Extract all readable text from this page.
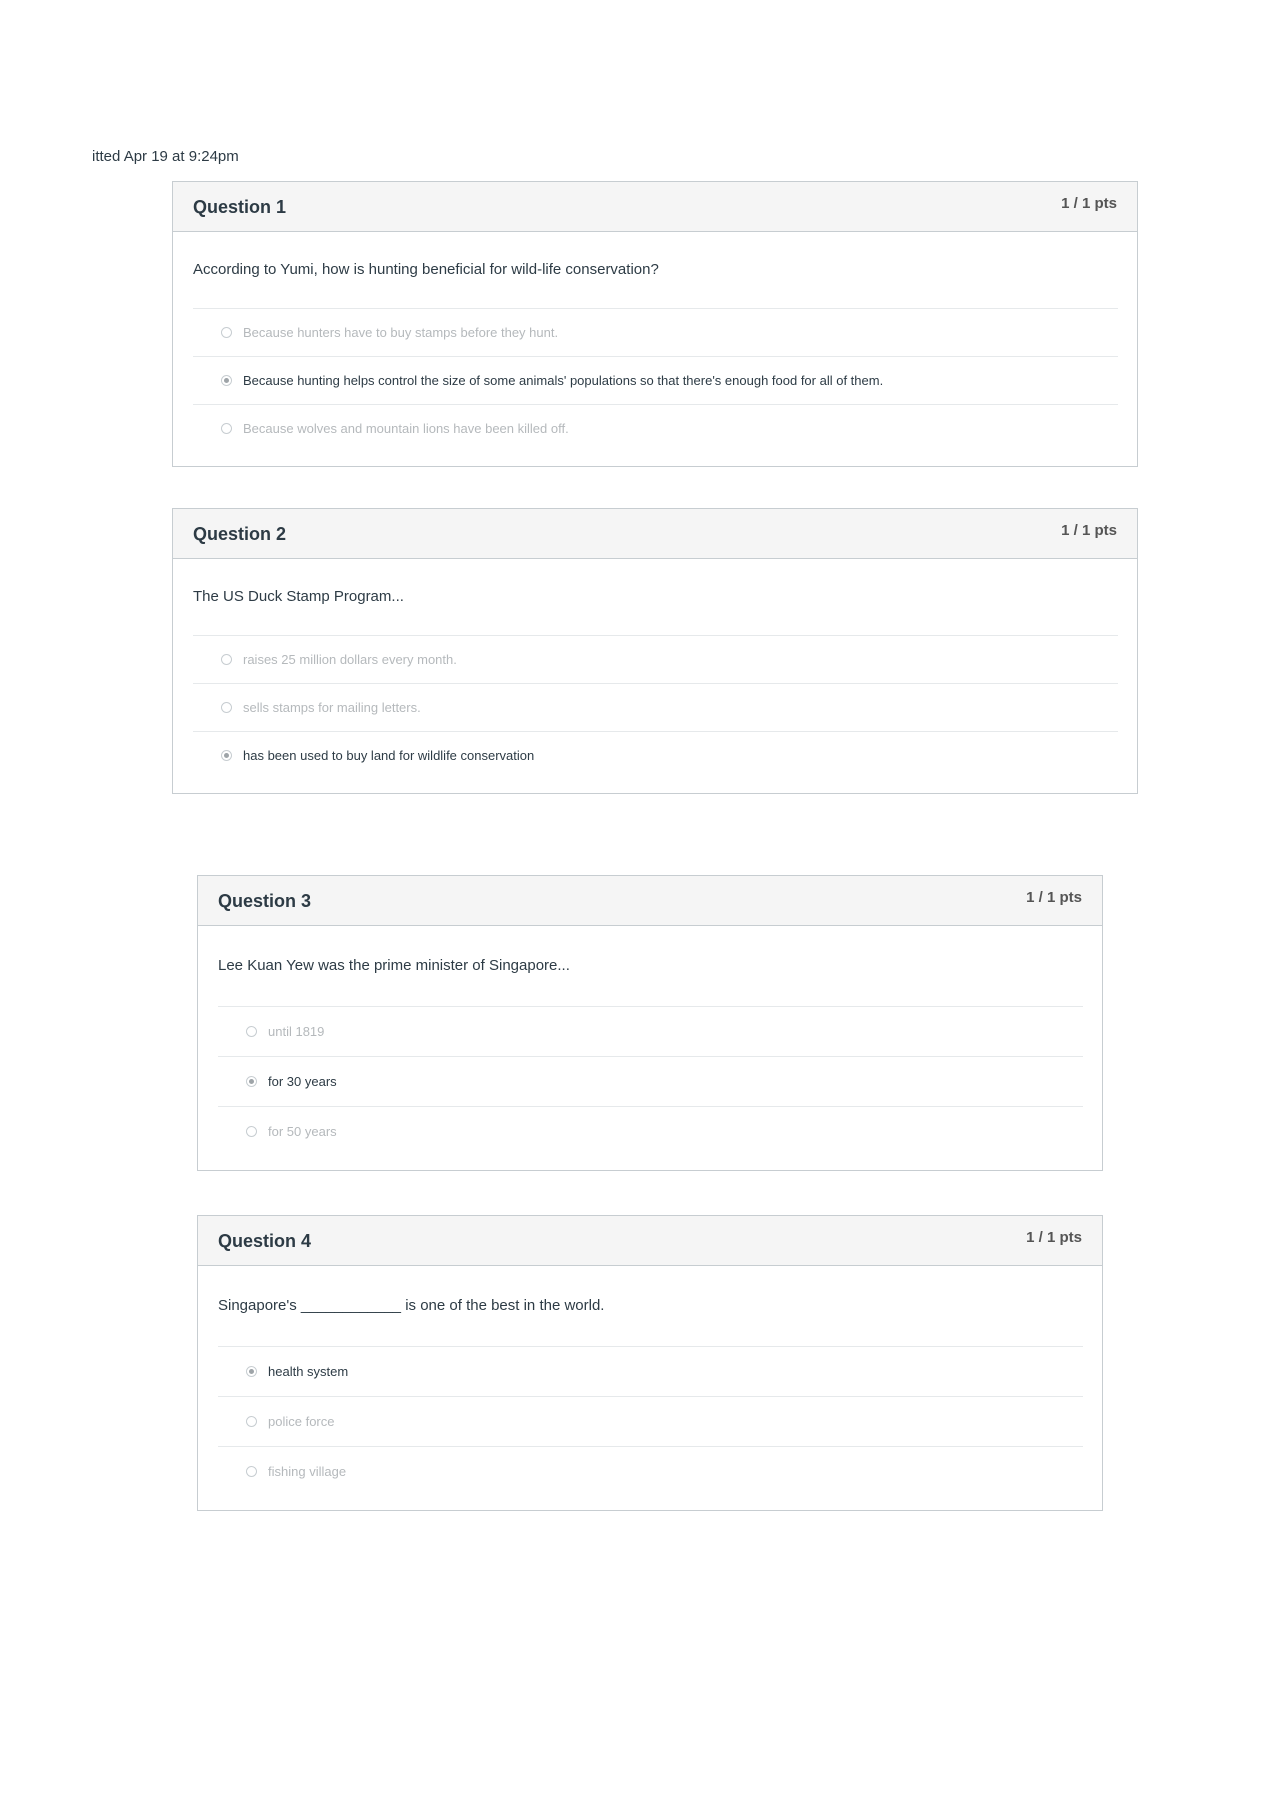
itted Apr 19 at 9:24pm
Question 1	1 / 1 pts
According to Yumi, how is hunting beneficial for wild-life conservation?
Because hunters have to buy stamps before they hunt.
Because hunting helps control the size of some animals' populations so that there's enough food for all of them.
Because wolves and mountain lions have been killed off.
Question 2	1 / 1 pts
The US Duck Stamp Program...
raises 25 million dollars every month.
sells stamps for mailing letters.
has been used to buy land for wildlife conservation
Question 3	1 / 1 pts
Lee Kuan Yew was the prime minister of Singapore...
until 1819
for 30 years
for 50 years
Question 4	1 / 1 pts
Singapore's ____________ is one of the best in the world.
health system
police force
fishing village
